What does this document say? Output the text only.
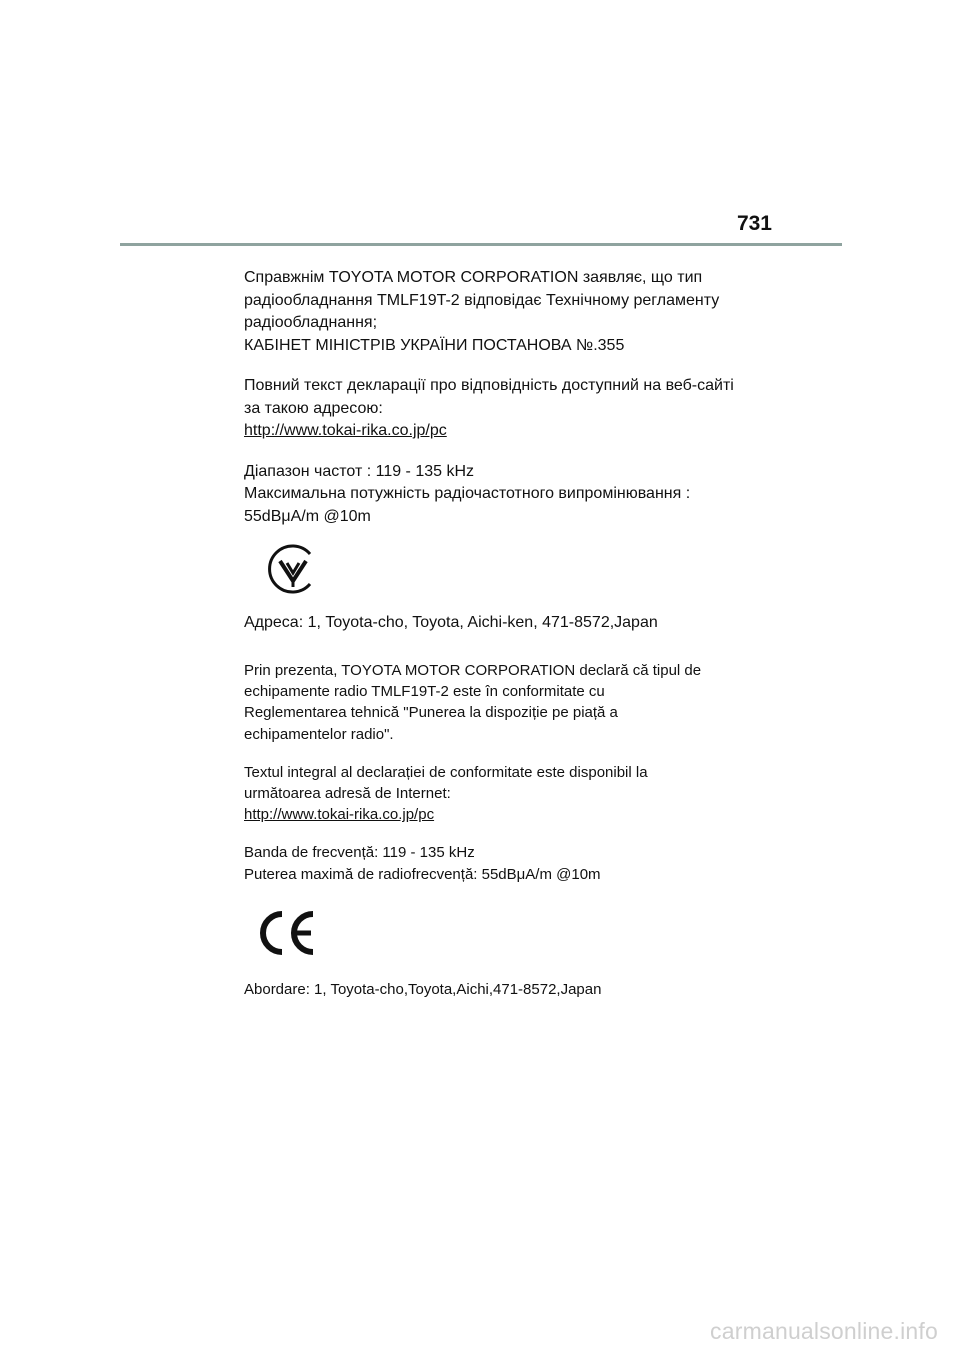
731
Справжнім TOYOTA MOTOR CORPORATION заявляє, що тип
радіообладнання TMLF19T-2 відповідає Технічному регламенту
радіообладнання;
КАБІНЕТ МІНІСТРІВ УКРАЇНИ ПОСТАНОВА №.355
Повний текст декларації про відповідність доступний на веб-сайті
за такою адресою:
http://www.tokai-rika.co.jp/pc
Діапазон частот : 119 - 135 kHz
Максимальна потужність радіочастотного випромінювання :
55dBμA/m @10m
Адреса: 1, Toyota-cho, Toyota, Aichi-ken, 471-8572,Japan
Prin prezenta, TOYOTA MOTOR CORPORATION declară că tipul de
echipamente radio TMLF19T-2 este în conformitate cu
Reglementarea tehnică "Punerea la dispoziție pe piață a
echipamentelor radio".
Textul integral al declarației de conformitate este disponibil la
următoarea adresă de Internet:
http://www.tokai-rika.co.jp/pc
Banda de frecvență: 119 - 135 kHz
Puterea maximă de radiofrecvență: 55dBμA/m @10m
Abordare: 1, Toyota-cho,Toyota,Aichi,471-8572,Japan
carmanualsonline.info
